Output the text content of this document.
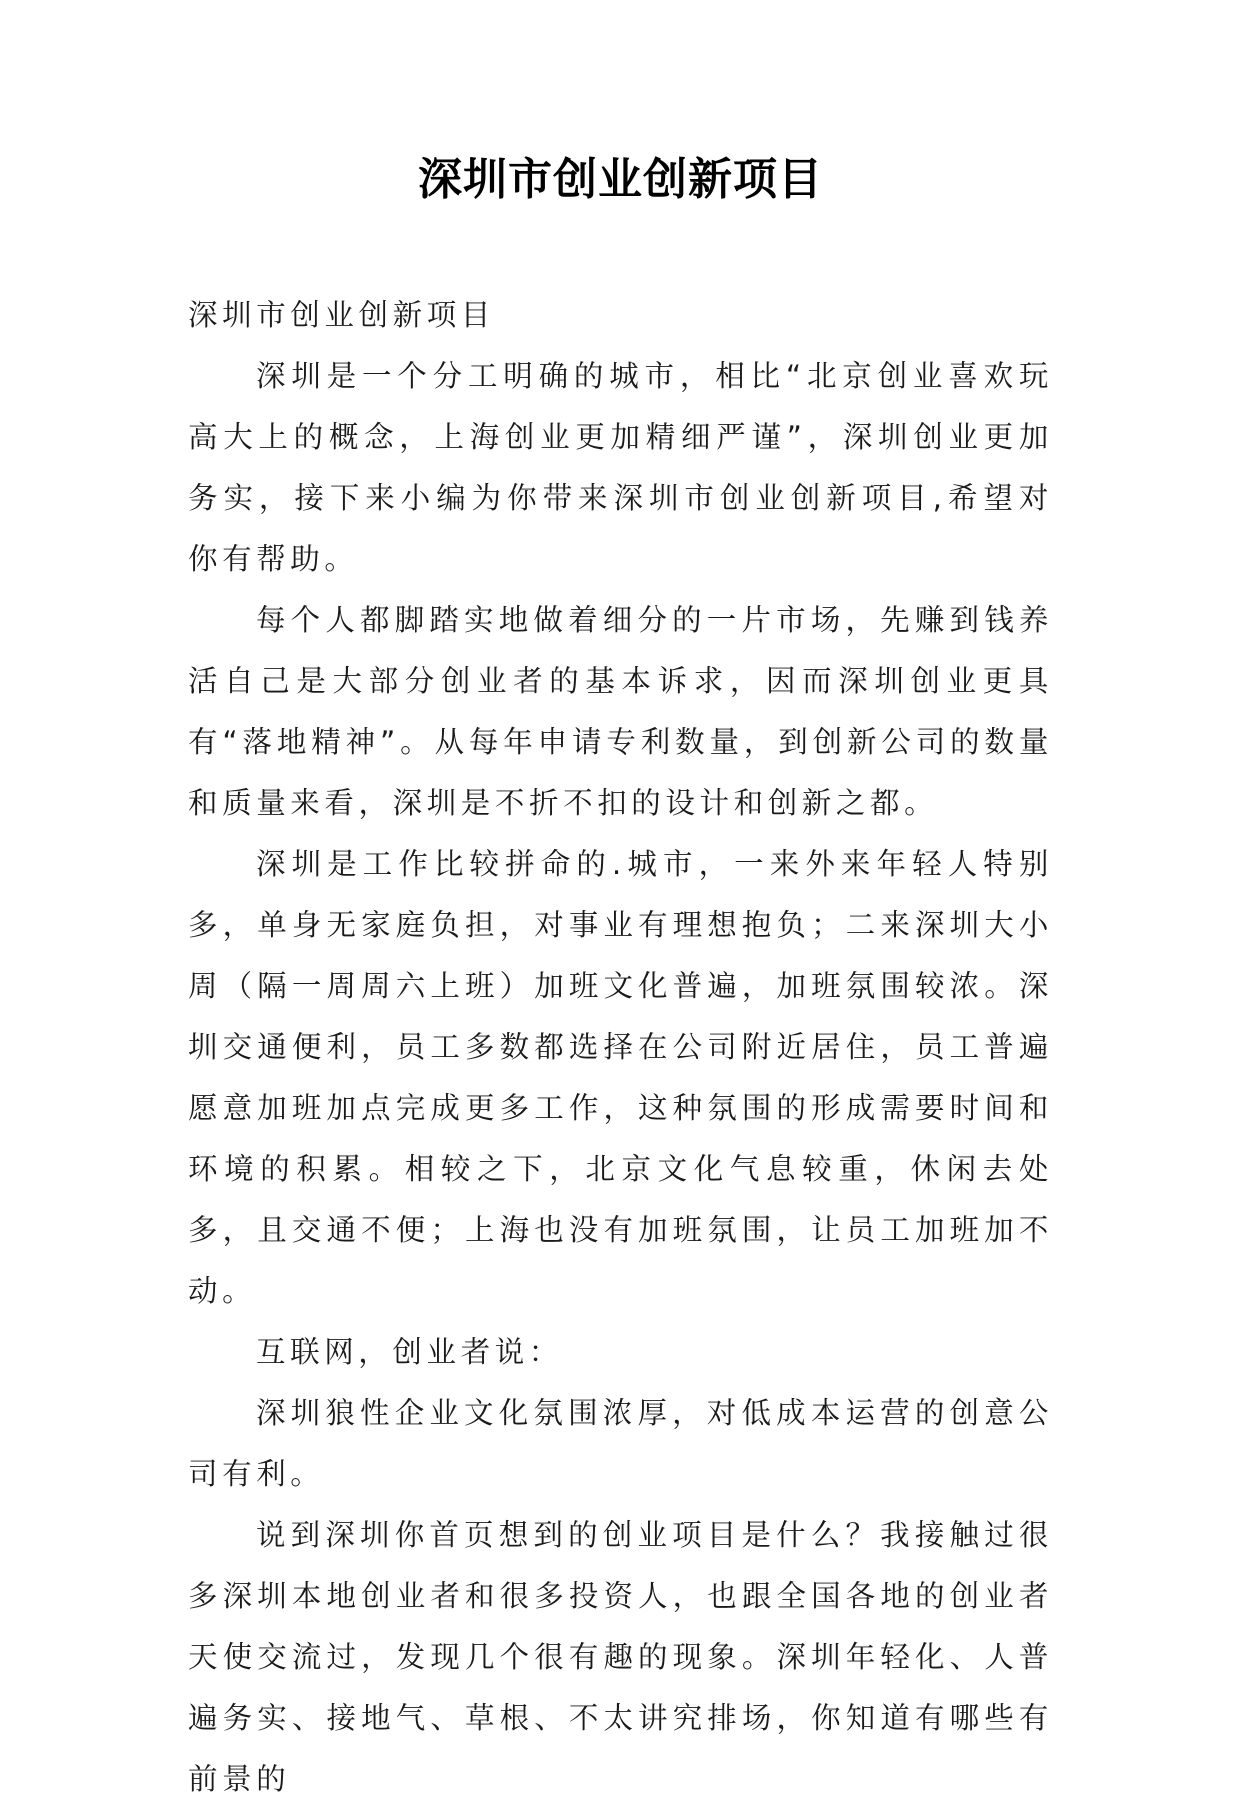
深圳市创业创新项目

深圳市创业创新项目

深圳是一个分工明确的城市，相比“北京创业喜欢玩高大上的概念，上海创业更加精细严谨”，深圳创业更加务实，接下来小编为你带来深圳市创业创新项目,希望对你有帮助。

每个人都脚踏实地做着细分的一片市场，先赚到钱养活自己是大部分创业者的基本诉求，因而深圳创业更具有“落地精神”。从每年申请专利数量，到创新公司的数量和质量来看，深圳是不折不扣的设计和创新之都。

深圳是工作比较拼命的.城市，一来外来年轻人特别多，单身无家庭负担，对事业有理想抱负；二来深圳大小周（隔一周周六上班）加班文化普遍，加班氛围较浓。深圳交通便利，员工多数都选择在公司附近居住，员工普遍愿意加班加点完成更多工作，这种氛围的形成需要时间和环境的积累。相较之下，北京文化气息较重，休闲去处多，且交通不便；上海也没有加班氛围，让员工加班加不动。

互联网，创业者说：

深圳狼性企业文化氛围浓厚，对低成本运营的创意公司有利。

说到深圳你首页想到的创业项目是什么？我接触过很多深圳本地创业者和很多投资人，也跟全国各地的创业者天使交流过，发现几个很有趣的现象。深圳年轻化、人普遍务实、接地气、草根、不太讲究排场，你知道有哪些有前景的
